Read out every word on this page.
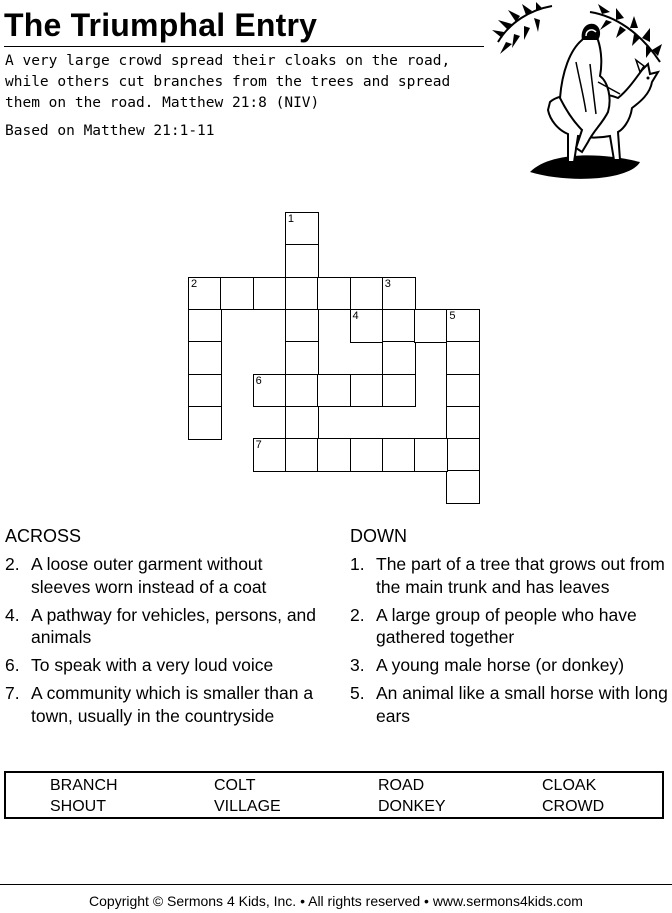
The Triumphal Entry

A very large crowd spread their cloaks on the road, while others cut branches from the trees and spread them on the road. Matthew 21:8 (NIV)

Based on Matthew 21:1-11

1
2	3
4	5
6
7
ACROSS
2. A loose outer garment without sleeves worn instead of a coat
4. A pathway for vehicles, persons, and animals
6. To speak with a very loud voice
7. A community which is smaller than a town, usually in the countryside
DOWN
1. The part of a tree that grows out from the main trunk and has leaves
2. A large group of people who have gathered together
3. A young male horse (or donkey)
5. An animal like a small horse with long ears
BRANCH	COLT	ROAD	CLOAK
SHOUT	VILLAGE	DONKEY	CROWD
Copyright © Sermons 4 Kids, Inc. • All rights reserved • www.sermons4kids.com
